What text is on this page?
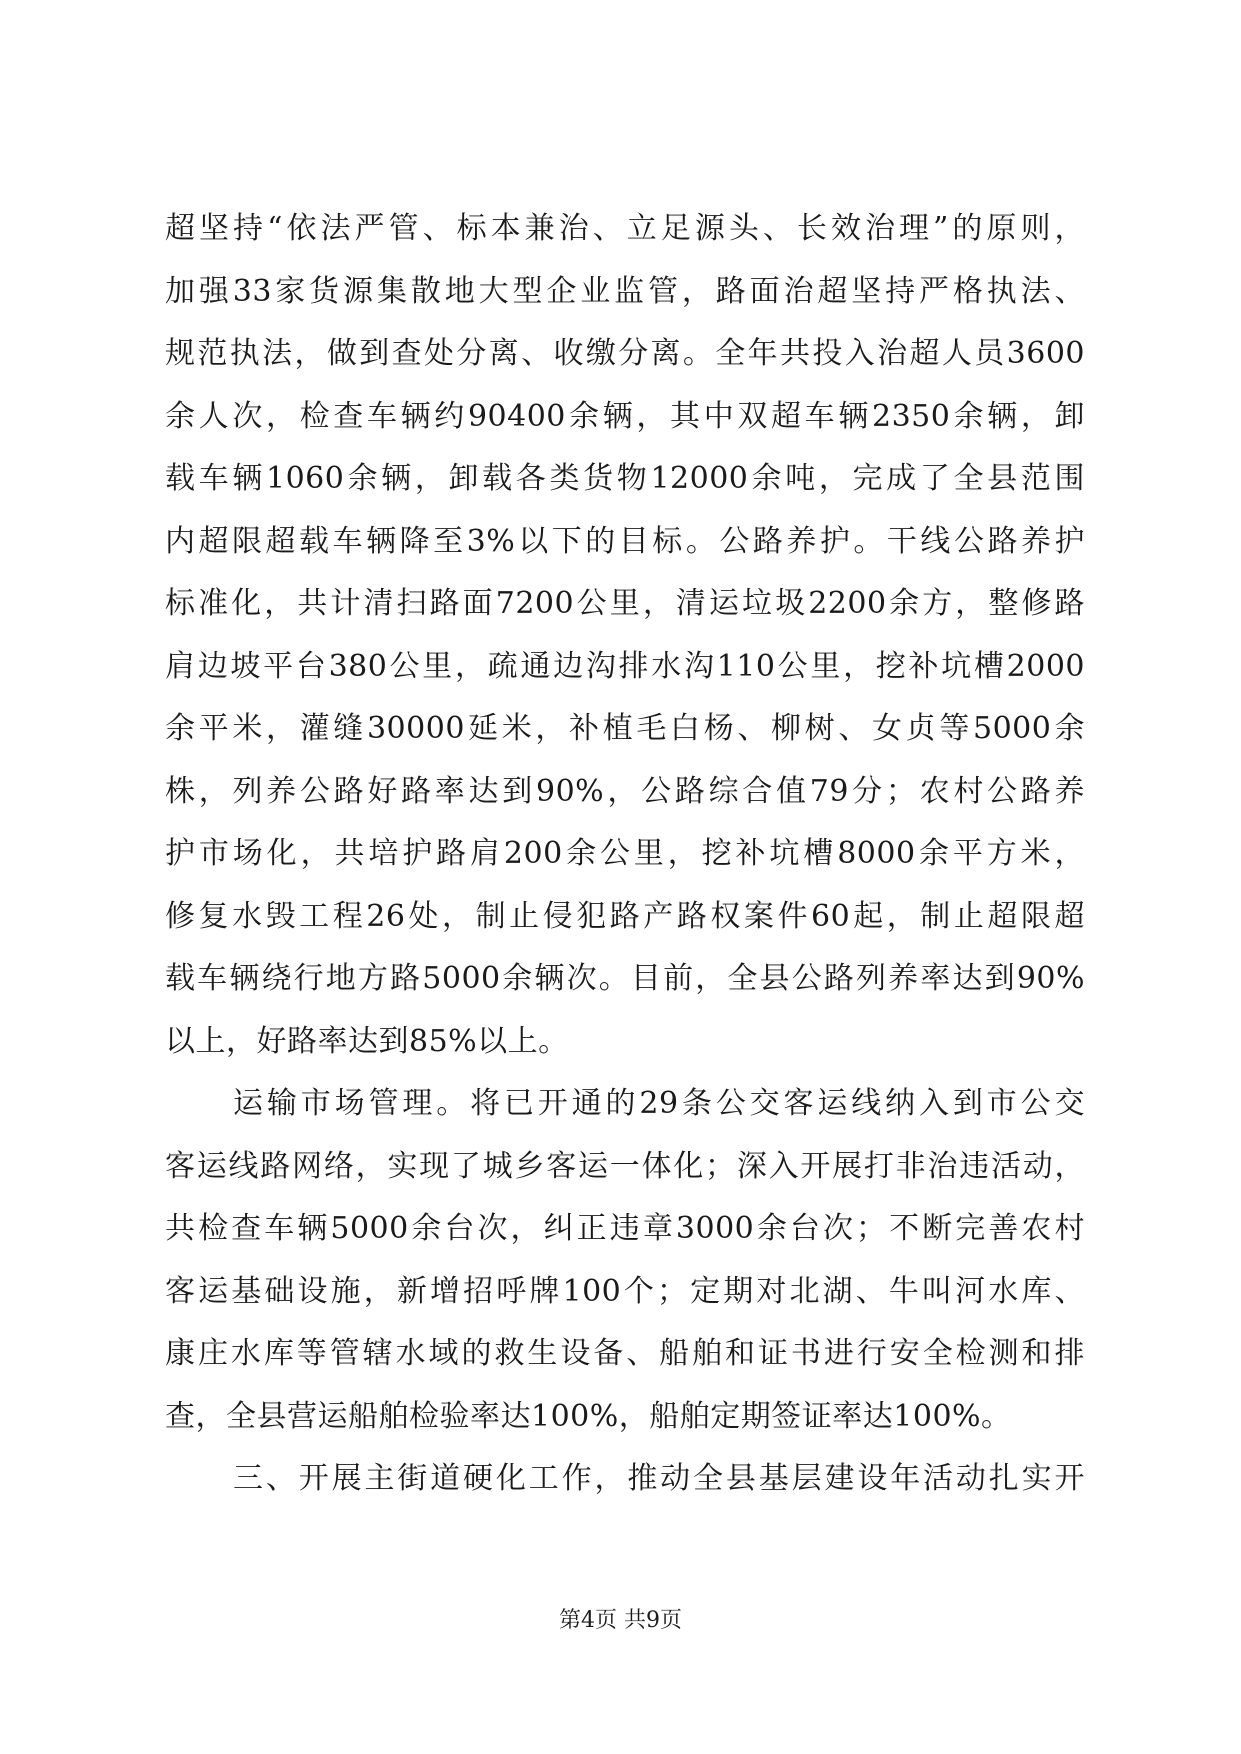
超坚持“依法严管、标本兼治、立足源头、长效治理”的原则，
加强33家货源集散地大型企业监管，路面治超坚持严格执法、
规范执法，做到查处分离、收缴分离。全年共投入治超人员3600
余人次，检查车辆约90400余辆，其中双超车辆2350余辆，卸
载车辆1060余辆，卸载各类货物12000余吨，完成了全县范围
内超限超载车辆降至3%以下的目标。公路养护。干线公路养护
标准化，共计清扫路面7200公里，清运垃圾2200余方，整修路
肩边坡平台380公里，疏通边沟排水沟110公里，挖补坑槽2000
余平米，灌缝30000延米，补植毛白杨、柳树、女贞等5000余
株，列养公路好路率达到90%，公路综合值79分；农村公路养
护市场化，共培护路肩200余公里，挖补坑槽8000余平方米，
修复水毁工程26处，制止侵犯路产路权案件60起，制止超限超
载车辆绕行地方路5000余辆次。目前，全县公路列养率达到90%
以上，好路率达到85%以上。
运输市场管理。将已开通的29条公交客运线纳入到市公交
客运线路网络，实现了城乡客运一体化；深入开展打非治违活动，
共检查车辆5000余台次，纠正违章3000余台次；不断完善农村
客运基础设施，新增招呼牌100个；定期对北湖、牛叫河水库、
康庄水库等管辖水域的救生设备、船舶和证书进行安全检测和排
查，全县营运船舶检验率达100%，船舶定期签证率达100%。
三、开展主街道硬化工作，推动全县基层建设年活动扎实开
第4页 共9页
